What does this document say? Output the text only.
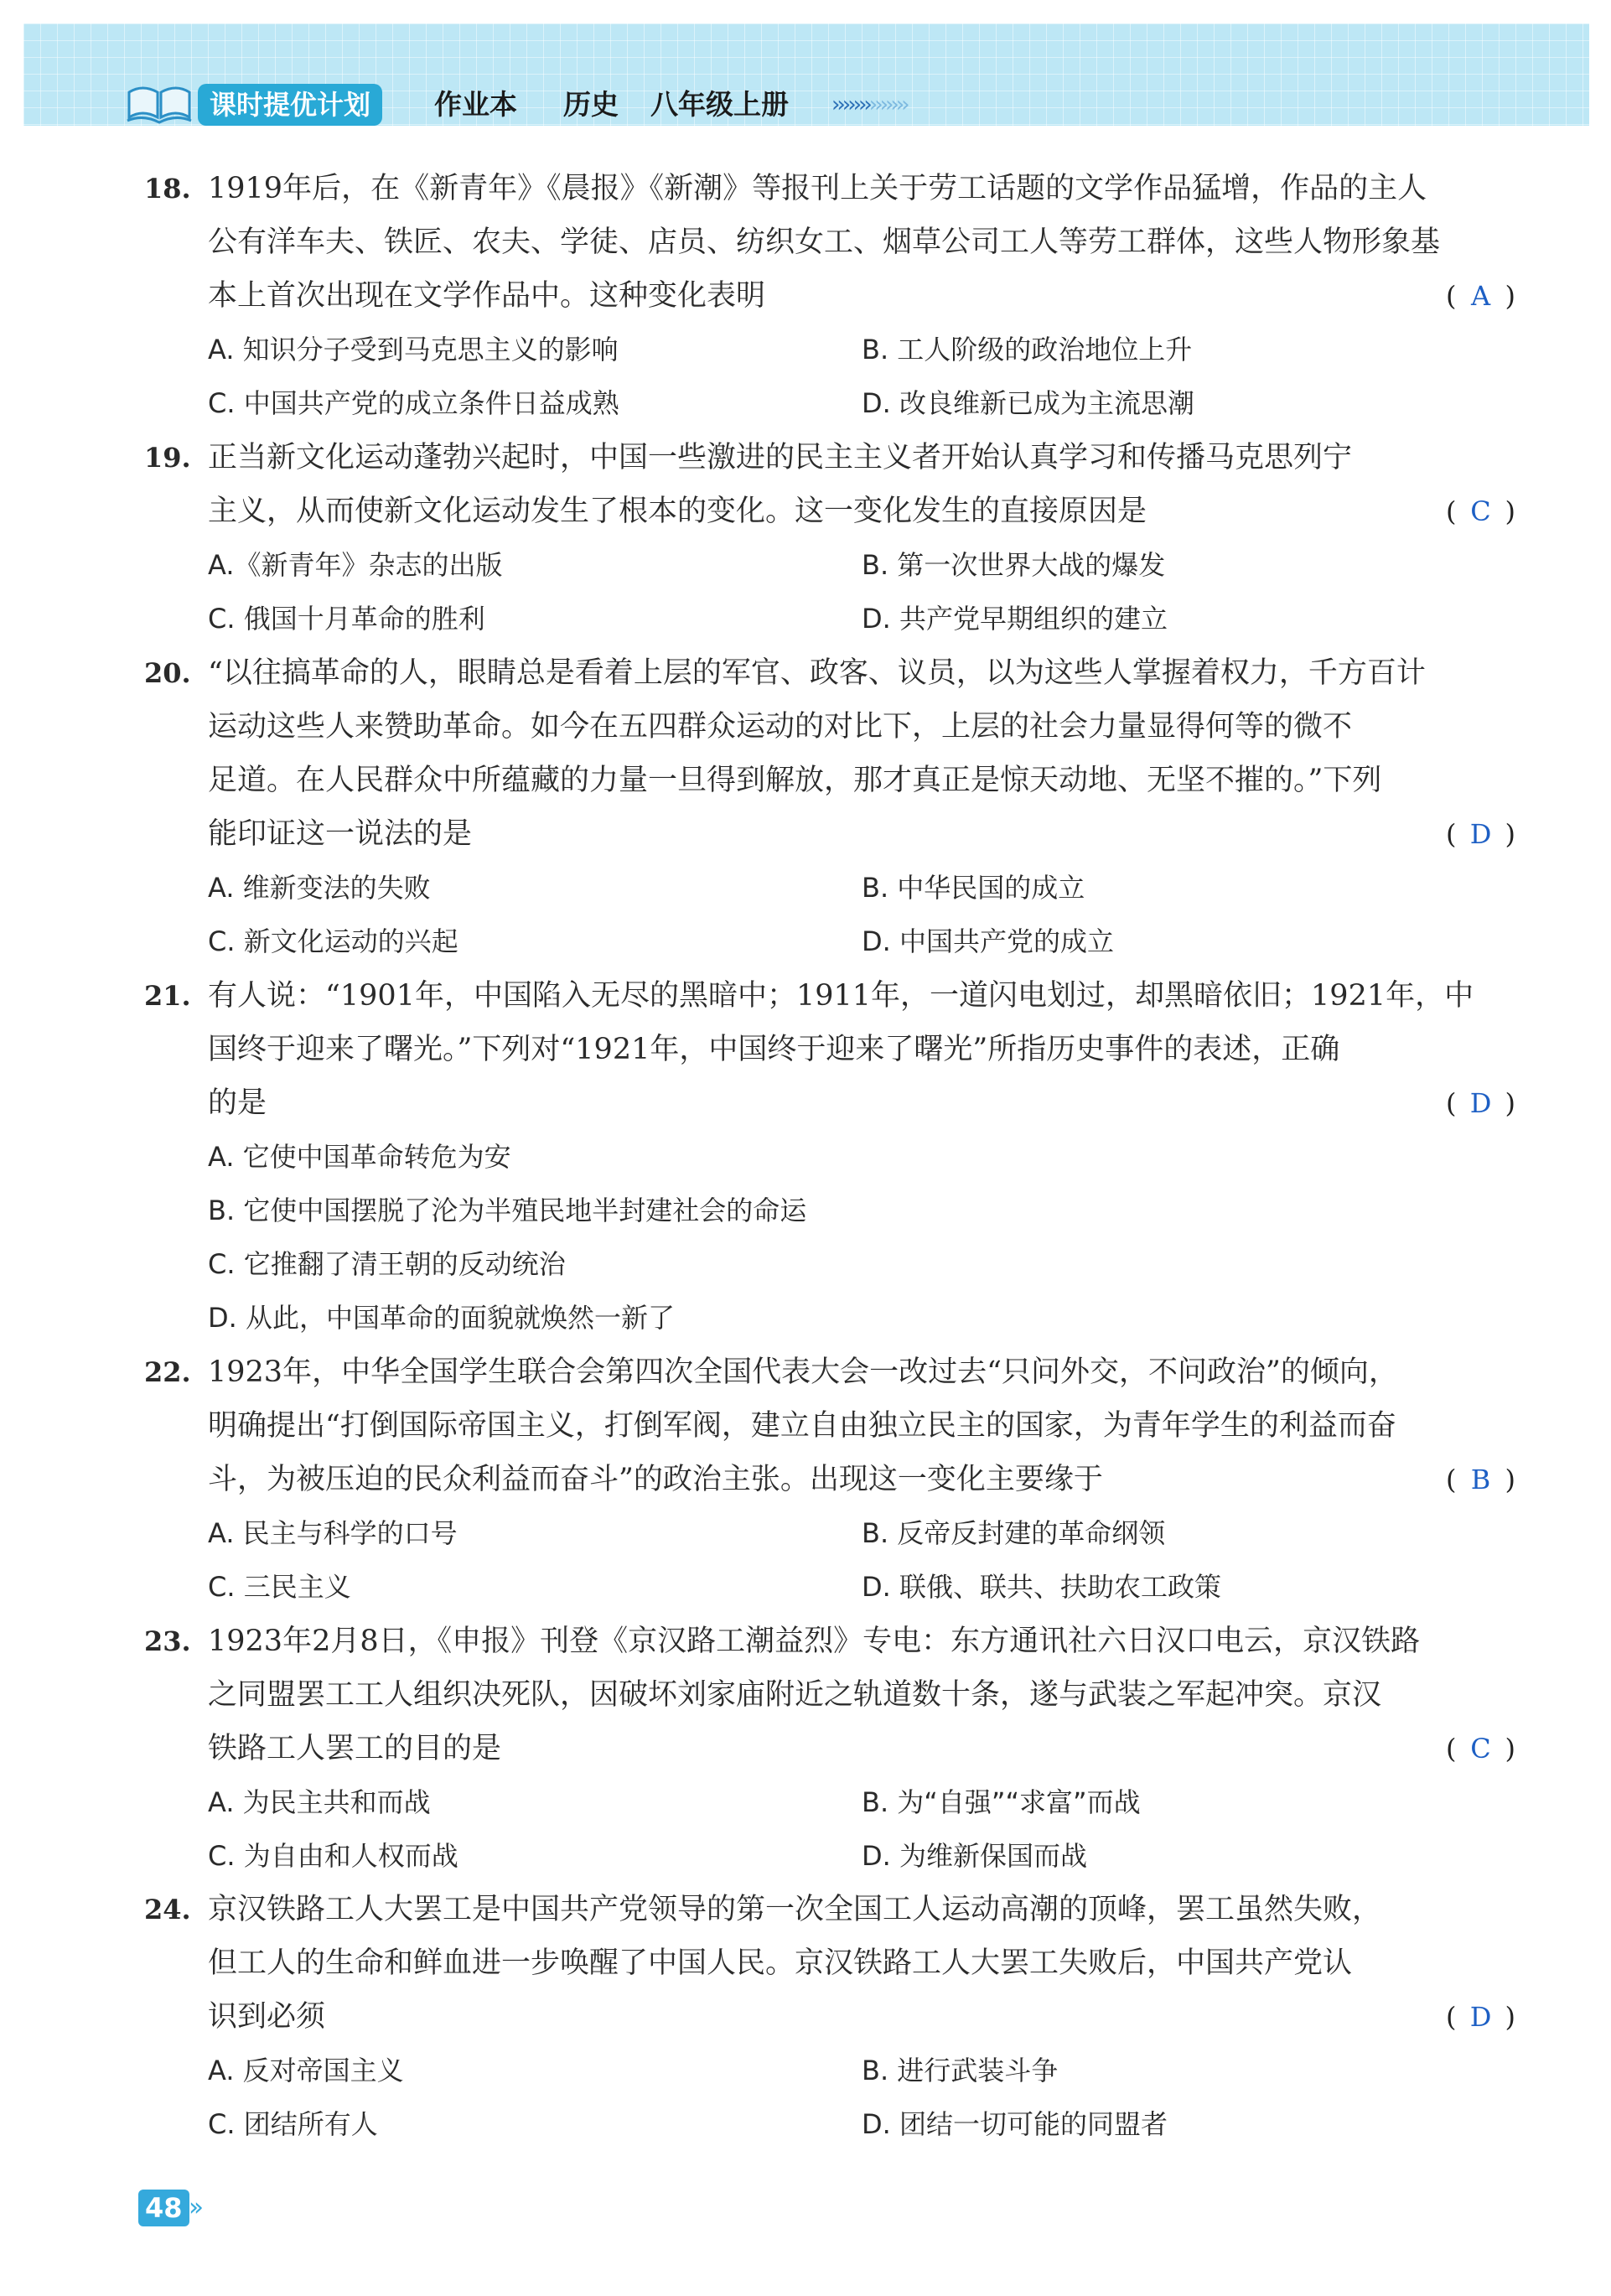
课时提优计划	作业本 历史 八年级上册 ››››››››››››››
18. 1919年后，在《新青年》《晨报》《新潮》等报刊上关于劳工话题的文学作品猛增，作品的主人
公有洋车夫、铁匠、农夫、学徒、店员、纺织女工、烟草公司工人等劳工群体，这些人物形象基
本上首次出现在文学作品中。这种变化表明	( A )
A. 知识分子受到马克思主义的影响	B. 工人阶级的政治地位上升
C. 中国共产党的成立条件日益成熟	D. 改良维新已成为主流思潮
19. 正当新文化运动蓬勃兴起时，中国一些激进的民主主义者开始认真学习和传播马克思列宁
主义，从而使新文化运动发生了根本的变化。这一变化发生的直接原因是	( C )
A.《新青年》杂志的出版	B. 第一次世界大战的爆发
C. 俄国十月革命的胜利	D. 共产党早期组织的建立
20. “以往搞革命的人，眼睛总是看着上层的军官、政客、议员，以为这些人掌握着权力，千方百计
运动这些人来赞助革命。如今在五四群众运动的对比下，上层的社会力量显得何等的微不
足道。在人民群众中所蕴藏的力量一旦得到解放，那才真正是惊天动地、无坚不摧的。”下列
能印证这一说法的是	( D )
A. 维新变法的失败	B. 中华民国的成立
C. 新文化运动的兴起	D. 中国共产党的成立
21. 有人说：“1901年，中国陷入无尽的黑暗中；1911年，一道闪电划过，却黑暗依旧；1921年，中
国终于迎来了曙光。”下列对“1921年，中国终于迎来了曙光”所指历史事件的表述，正确
的是	( D )
A. 它使中国革命转危为安
B. 它使中国摆脱了沦为半殖民地半封建社会的命运
C. 它推翻了清王朝的反动统治
D. 从此，中国革命的面貌就焕然一新了
22. 1923年，中华全国学生联合会第四次全国代表大会一改过去“只问外交，不问政治”的倾向，
明确提出“打倒国际帝国主义，打倒军阀，建立自由独立民主的国家，为青年学生的利益而奋
斗，为被压迫的民众利益而奋斗”的政治主张。出现这一变化主要缘于	( B )
A. 民主与科学的口号	B. 反帝反封建的革命纲领
C. 三民主义	D. 联俄、联共、扶助农工政策
23. 1923年2月8日，《申报》刊登《京汉路工潮益烈》专电：东方通讯社六日汉口电云，京汉铁路
之同盟罢工工人组织决死队，因破坏刘家庙附近之轨道数十条，遂与武装之军起冲突。京汉
铁路工人罢工的目的是	( C )
A. 为民主共和而战	B. 为“自强”“求富”而战
C. 为自由和人权而战	D. 为维新保国而战
24. 京汉铁路工人大罢工是中国共产党领导的第一次全国工人运动高潮的顶峰，罢工虽然失败，
但工人的生命和鲜血进一步唤醒了中国人民。京汉铁路工人大罢工失败后，中国共产党认
识到必须	( D )
A. 反对帝国主义	B. 进行武装斗争
C. 团结所有人	D. 团结一切可能的同盟者
48 ››
